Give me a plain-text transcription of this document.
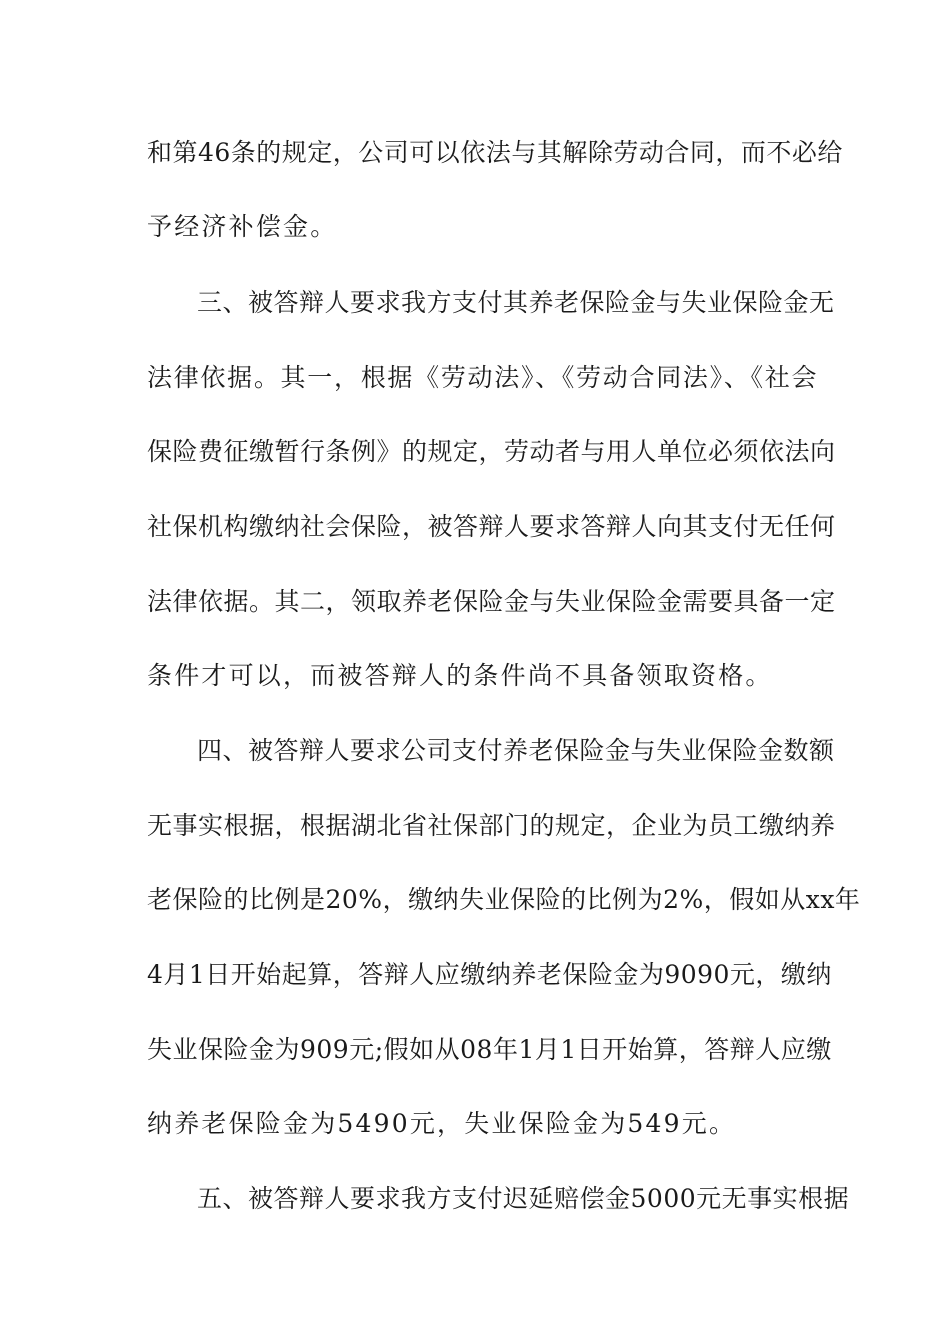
和第46条的规定，公司可以依法与其解除劳动合同，而不必给
予经济补偿金。
三、被答辩人要求我方支付其养老保险金与失业保险金无
法律依据。其一，根据《劳动法》、《劳动合同法》、《社会
保险费征缴暂行条例》的规定，劳动者与用人单位必须依法向
社保机构缴纳社会保险，被答辩人要求答辩人向其支付无任何
法律依据。其二，领取养老保险金与失业保险金需要具备一定
条件才可以，而被答辩人的条件尚不具备领取资格。
四、被答辩人要求公司支付养老保险金与失业保险金数额
无事实根据，根据湖北省社保部门的规定，企业为员工缴纳养
老保险的比例是20%，缴纳失业保险的比例为2%，假如从xx年
4月1日开始起算，答辩人应缴纳养老保险金为9090元，缴纳
失业保险金为909元;假如从08年1月1日开始算，答辩人应缴
纳养老保险金为5490元，失业保险金为549元。
五、被答辩人要求我方支付迟延赔偿金5000元无事实根据
